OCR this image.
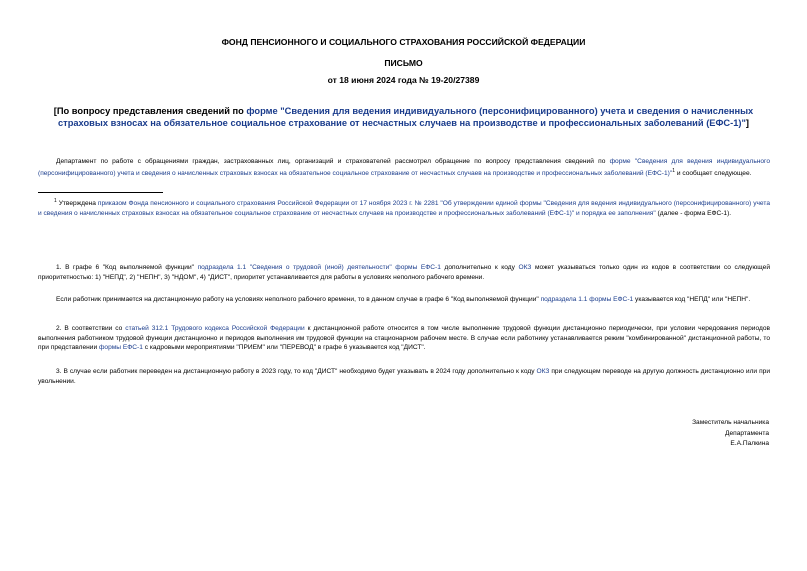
ФОНД ПЕНСИОННОГО И СОЦИАЛЬНОГО СТРАХОВАНИЯ РОССИЙСКОЙ ФЕДЕРАЦИИ
ПИСЬМО
от 18 июня 2024 года № 19-20/27389
[По вопросу представления сведений по форме "Сведения для ведения индивидуального (персонифицированного) учета и сведения о начисленных страховых взносах на обязательное социальное страхование от несчастных случаев на производстве и профессиональных заболеваний (ЕФС-1)"]
Департамент по работе с обращениями граждан, застрахованных лиц, организаций и страхователей рассмотрел обращение по вопросу представления сведений по форме "Сведения для ведения индивидуального (персонифицированного) учета и сведения о начисленных страховых взносах на обязательное социальное страхование от несчастных случаев на производстве и профессиональных заболеваний (ЕФС-1)"$^1$ и сообщает следующее.
$^1$ Утверждена приказом Фонда пенсионного и социального страхования Российской Федерации от 17 ноября 2023 г. № 2281 "Об утверждении единой формы "Сведения для ведения индивидуального (персонифицированного) учета и сведения о начисленных страховых взносах на обязательное социальное страхование от несчастных случаев на производстве и профессиональных заболеваний (ЕФС-1)" и порядка ее заполнения" (далее - форма ЕФС-1).
1. В графе 6 "Код выполняемой функции" подраздела 1.1 "Сведения о трудовой (иной) деятельности" формы ЕФС-1 дополнительно к коду ОКЗ может указываться только один из кодов в соответствии со следующей приоритетностью: 1) "НЕПД", 2) "НЕПН", 3) "НДОМ", 4) "ДИСТ", приоритет устанавливается для работы в условиях неполного рабочего времени.
Если работник принимается на дистанционную работу на условиях неполного рабочего времени, то в данном случае в графе 6 "Код выполняемой функции" подраздела 1.1 формы ЕФС-1 указывается код "НЕПД" или "НЕПН".
2. В соответствии со статьей 312.1 Трудового кодекса Российской Федерации к дистанционной работе относится в том числе выполнение трудовой функции дистанционно периодически, при условии чередования периодов выполнения работником трудовой функции дистанционно и периодов выполнения им трудовой функции на стационарном рабочем месте. В случае если работнику устанавливается режим "комбинированной" дистанционной работы, то при представлении формы ЕФС-1 с кадровыми мероприятиями "ПРИЕМ" или "ПЕРЕВОД" в графе 6 указывается код "ДИСТ".
3. В случае если работник переведен на дистанционную работу в 2023 году, то код "ДИСТ" необходимо будет указывать в 2024 году дополнительно к коду ОКЗ при следующем переводе на другую должность дистанционно или при увольнении.
Заместитель начальника
Департамента
Е.А.Палкина
